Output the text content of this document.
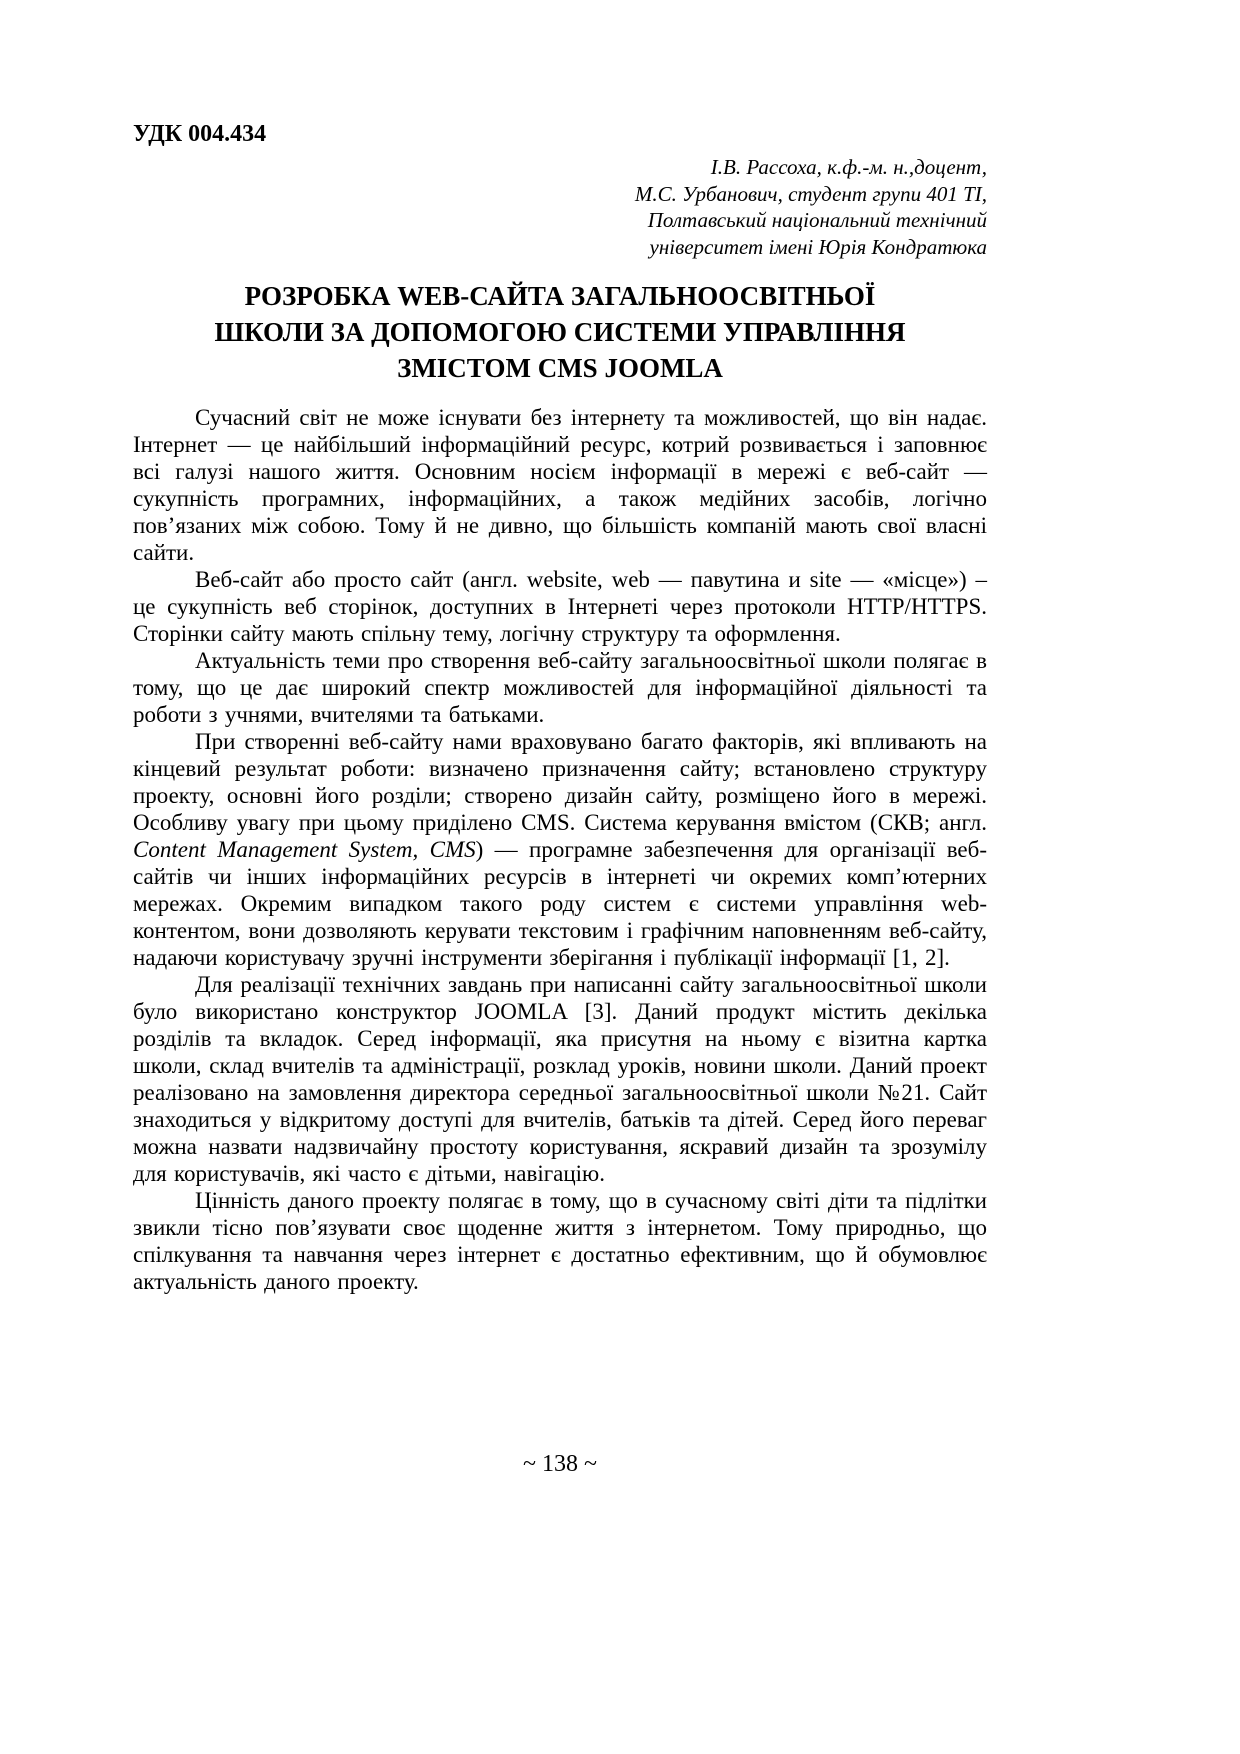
УДК 004.434
І.В. Рассоха, к.ф.-м. н.,доцент,
М.С. Урбанович, студент групи 401 ТІ,
Полтавський національний технічний
університет імені Юрія Кондратюка
РОЗРОБКА WEB-САЙТА ЗАГАЛЬНООСВІТНЬОЇ
ШКОЛИ ЗА ДОПОМОГОЮ СИСТЕМИ УПРАВЛІННЯ
ЗМІСТОМ CMS JOOMLA

Сучасний світ не може існувати без інтернету та можливостей, що він надає. Інтернет — це найбільший інформаційний ресурс, котрий розвивається і заповнює всі галузі нашого життя. Основним носієм інформації в мережі є веб-сайт — сукупність програмних, інформаційних, а також медійних засобів, логічно пов’язаних між собою. Тому й не дивно, що більшість компаній мають свої власні сайти.

Веб-сайт або просто сайт (англ. website, web — павутина и site — «місце») – це сукупність веб сторінок, доступних в Інтернеті через протоколи HTTP/HTTPS. Сторінки сайту мають спільну тему, логічну структуру та оформлення.

Актуальність теми про створення веб-сайту загальноосвітньої школи полягає в тому, що це дає широкий спектр можливостей для інформаційної діяльності та роботи з учнями, вчителями та батьками.

При створенні веб-сайту нами враховувано багато факторів, які впливають на кінцевий результат роботи: визначено призначення сайту; встановлено структуру проекту, основні його розділи; створено дизайн сайту, розміщено його в мережі. Особливу увагу при цьому приділено CMS. Система керування вмістом (СКВ; англ. Content Management System, CMS) — програмне забезпечення для організації веб-сайтів чи інших інформаційних ресурсів в інтернеті чи окремих комп’ютерних мережах. Окремим випадком такого роду систем є системи управління web-контентом, вони дозволяють керувати текстовим і графічним наповненням веб-сайту, надаючи користувачу зручні інструменти зберігання і публікації інформації [1, 2].

Для реалізації технічних завдань при написанні сайту загальноосвітньої школи було використано конструктор JOOMLA [3]. Даний продукт містить декілька розділів та вкладок. Серед інформації, яка присутня на ньому є візитна картка школи, склад вчителів та адміністрації, розклад уроків, новини школи. Даний проект реалізовано на замовлення директора середньої загальноосвітньої школи №21. Сайт знаходиться у відкритому доступі для вчителів, батьків та дітей. Серед його переваг можна назвати надзвичайну простоту користування, яскравий дизайн та зрозумілу для користувачів, які часто є дітьми, навігацію.

Цінність даного проекту полягає в тому, що в сучасному світі діти та підлітки звикли тісно пов’язувати своє щоденне життя з інтернетом. Тому природньо, що спілкування та навчання через інтернет є достатньо ефективним, що й обумовлює актуальність даного проекту.

~ 138 ~
